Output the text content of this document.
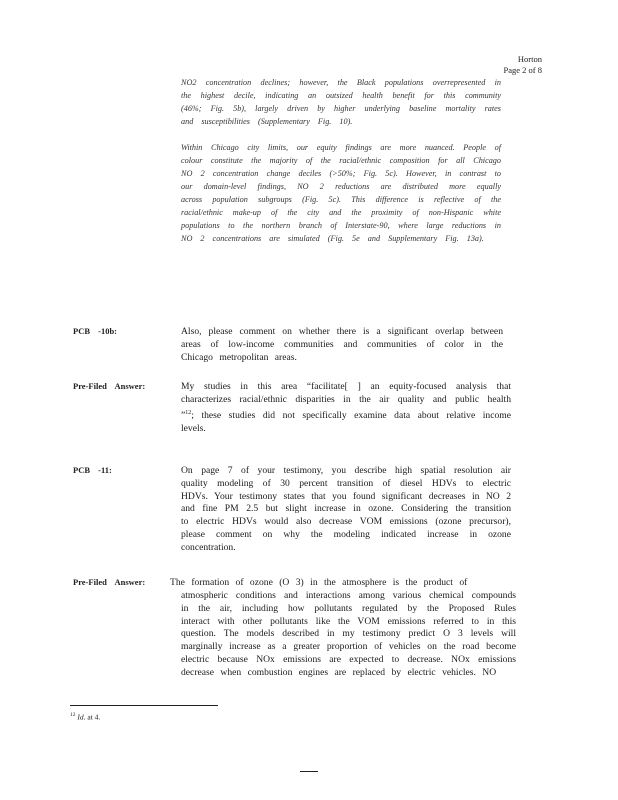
Horton
Page 2 of 8

NO2 concentration declines; however, the Black populations overrepresented in the highest decile, indicating an outsized health benefit for this community (46%; Fig. 5b), largely driven by higher underlying baseline mortality rates and susceptibilities (Supplementary Fig. 10).

Within Chicago city limits, our equity findings are more nuanced. People of colour constitute the majority of the racial/ethnic composition for all Chicago NO 2 concentration change deciles (>50%; Fig. 5c). However, in contrast to our domain-level findings, NO 2 reductions are distributed more equally across population subgroups (Fig. 5c). This difference is reflective of the racial/ethnic make-up of the city and the proximity of non-Hispanic white populations to the northern branch of Interstate-90, where large reductions in NO 2 concentrations are simulated (Fig. 5e and Supplementary Fig. 13a).

PCB -10b:	Also, please comment on whether there is a significant overlap between areas of low-income communities and communities of color in the Chicago metropolitan areas.

Pre-Filed Answer:	My studies in this area “facilitate[ ] an equity-focused analysis that characterizes racial/ethnic disparities in the air quality and public health ”$^{12}$; these studies did not specifically examine data about relative income levels.

PCB -11:	On page 7 of your testimony, you describe high spatial resolution air quality modeling of 30 percent transition of diesel HDVs to electric HDVs. Your testimony states that you found significant decreases in NO 2 and fine PM 2.5 but slight increase in ozone. Considering the transition to electric HDVs would also decrease VOM emissions (ozone precursor), please comment on why the modeling indicated increase in ozone concentration.

Pre-Filed Answer:	The formation of ozone (O 3) in the atmosphere is the product of

atmospheric conditions and interactions among various chemical compounds in the air, including how pollutants regulated by the Proposed Rules interact with other pollutants like the VOM emissions referred to in this question. The models described in my testimony predict O 3 levels will marginally increase as a greater proportion of vehicles on the road become electric because NOx emissions are expected to decrease. NOx emissions decrease when combustion engines are replaced by electric vehicles. NO

$^{12}$ Id. at 4.
